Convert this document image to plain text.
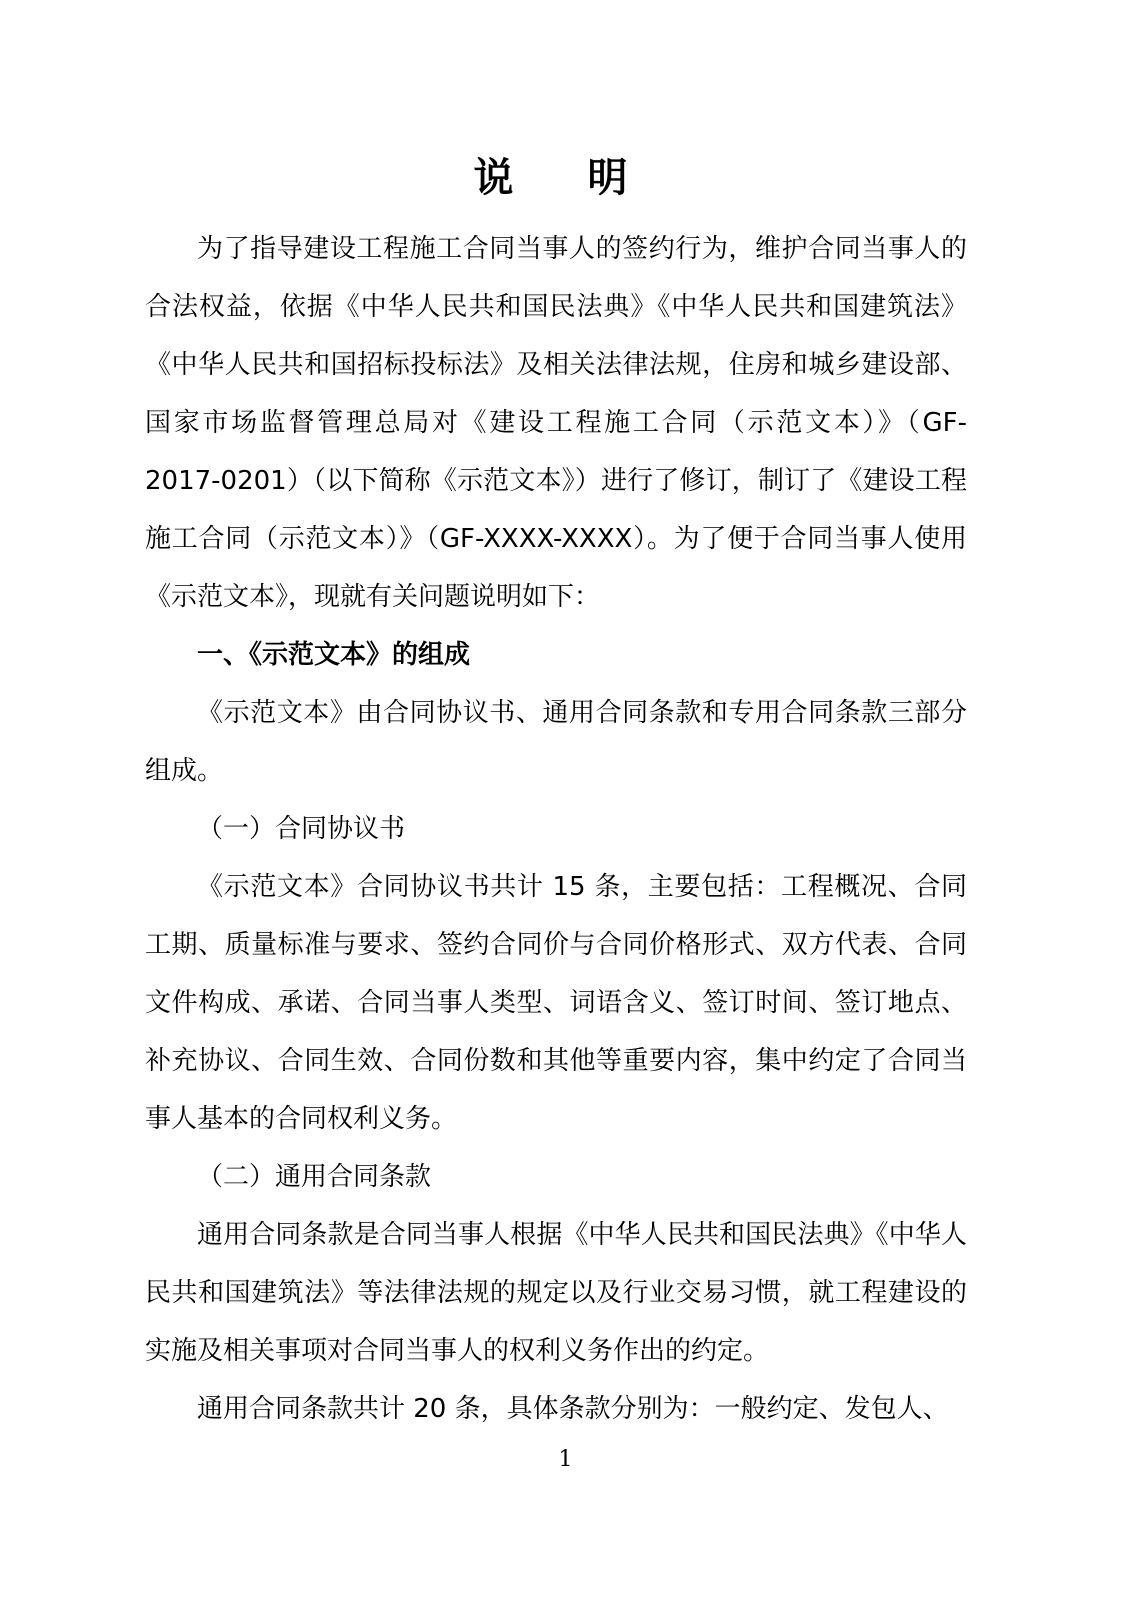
说 明

为了指导建设工程施工合同当事人的签约行为，维护合同当事人的合法权益，依据《中华人民共和国民法典》《中华人民共和国建筑法》《中华人民共和国招标投标法》及相关法律法规，住房和城乡建设部、国家市场监督管理总局对《建设工程施工合同（示范文本）》（GF-2017-0201）（以下简称《示范文本》）进行了修订，制订了《建设工程施工合同（示范文本）》（GF-XXXX-XXXX）。为了便于合同当事人使用《示范文本》，现就有关问题说明如下：

一、《示范文本》的组成

《示范文本》由合同协议书、通用合同条款和专用合同条款三部分组成。

（一）合同协议书

《示范文本》合同协议书共计 15 条，主要包括：工程概况、合同工期、质量标准与要求、签约合同价与合同价格形式、双方代表、合同文件构成、承诺、合同当事人类型、词语含义、签订时间、签订地点、补充协议、合同生效、合同份数和其他等重要内容，集中约定了合同当事人基本的合同权利义务。

（二）通用合同条款

通用合同条款是合同当事人根据《中华人民共和国民法典》《中华人民共和国建筑法》等法律法规的规定以及行业交易习惯，就工程建设的实施及相关事项对合同当事人的权利义务作出的约定。

通用合同条款共计 20 条，具体条款分别为：一般约定、发包人、

1
